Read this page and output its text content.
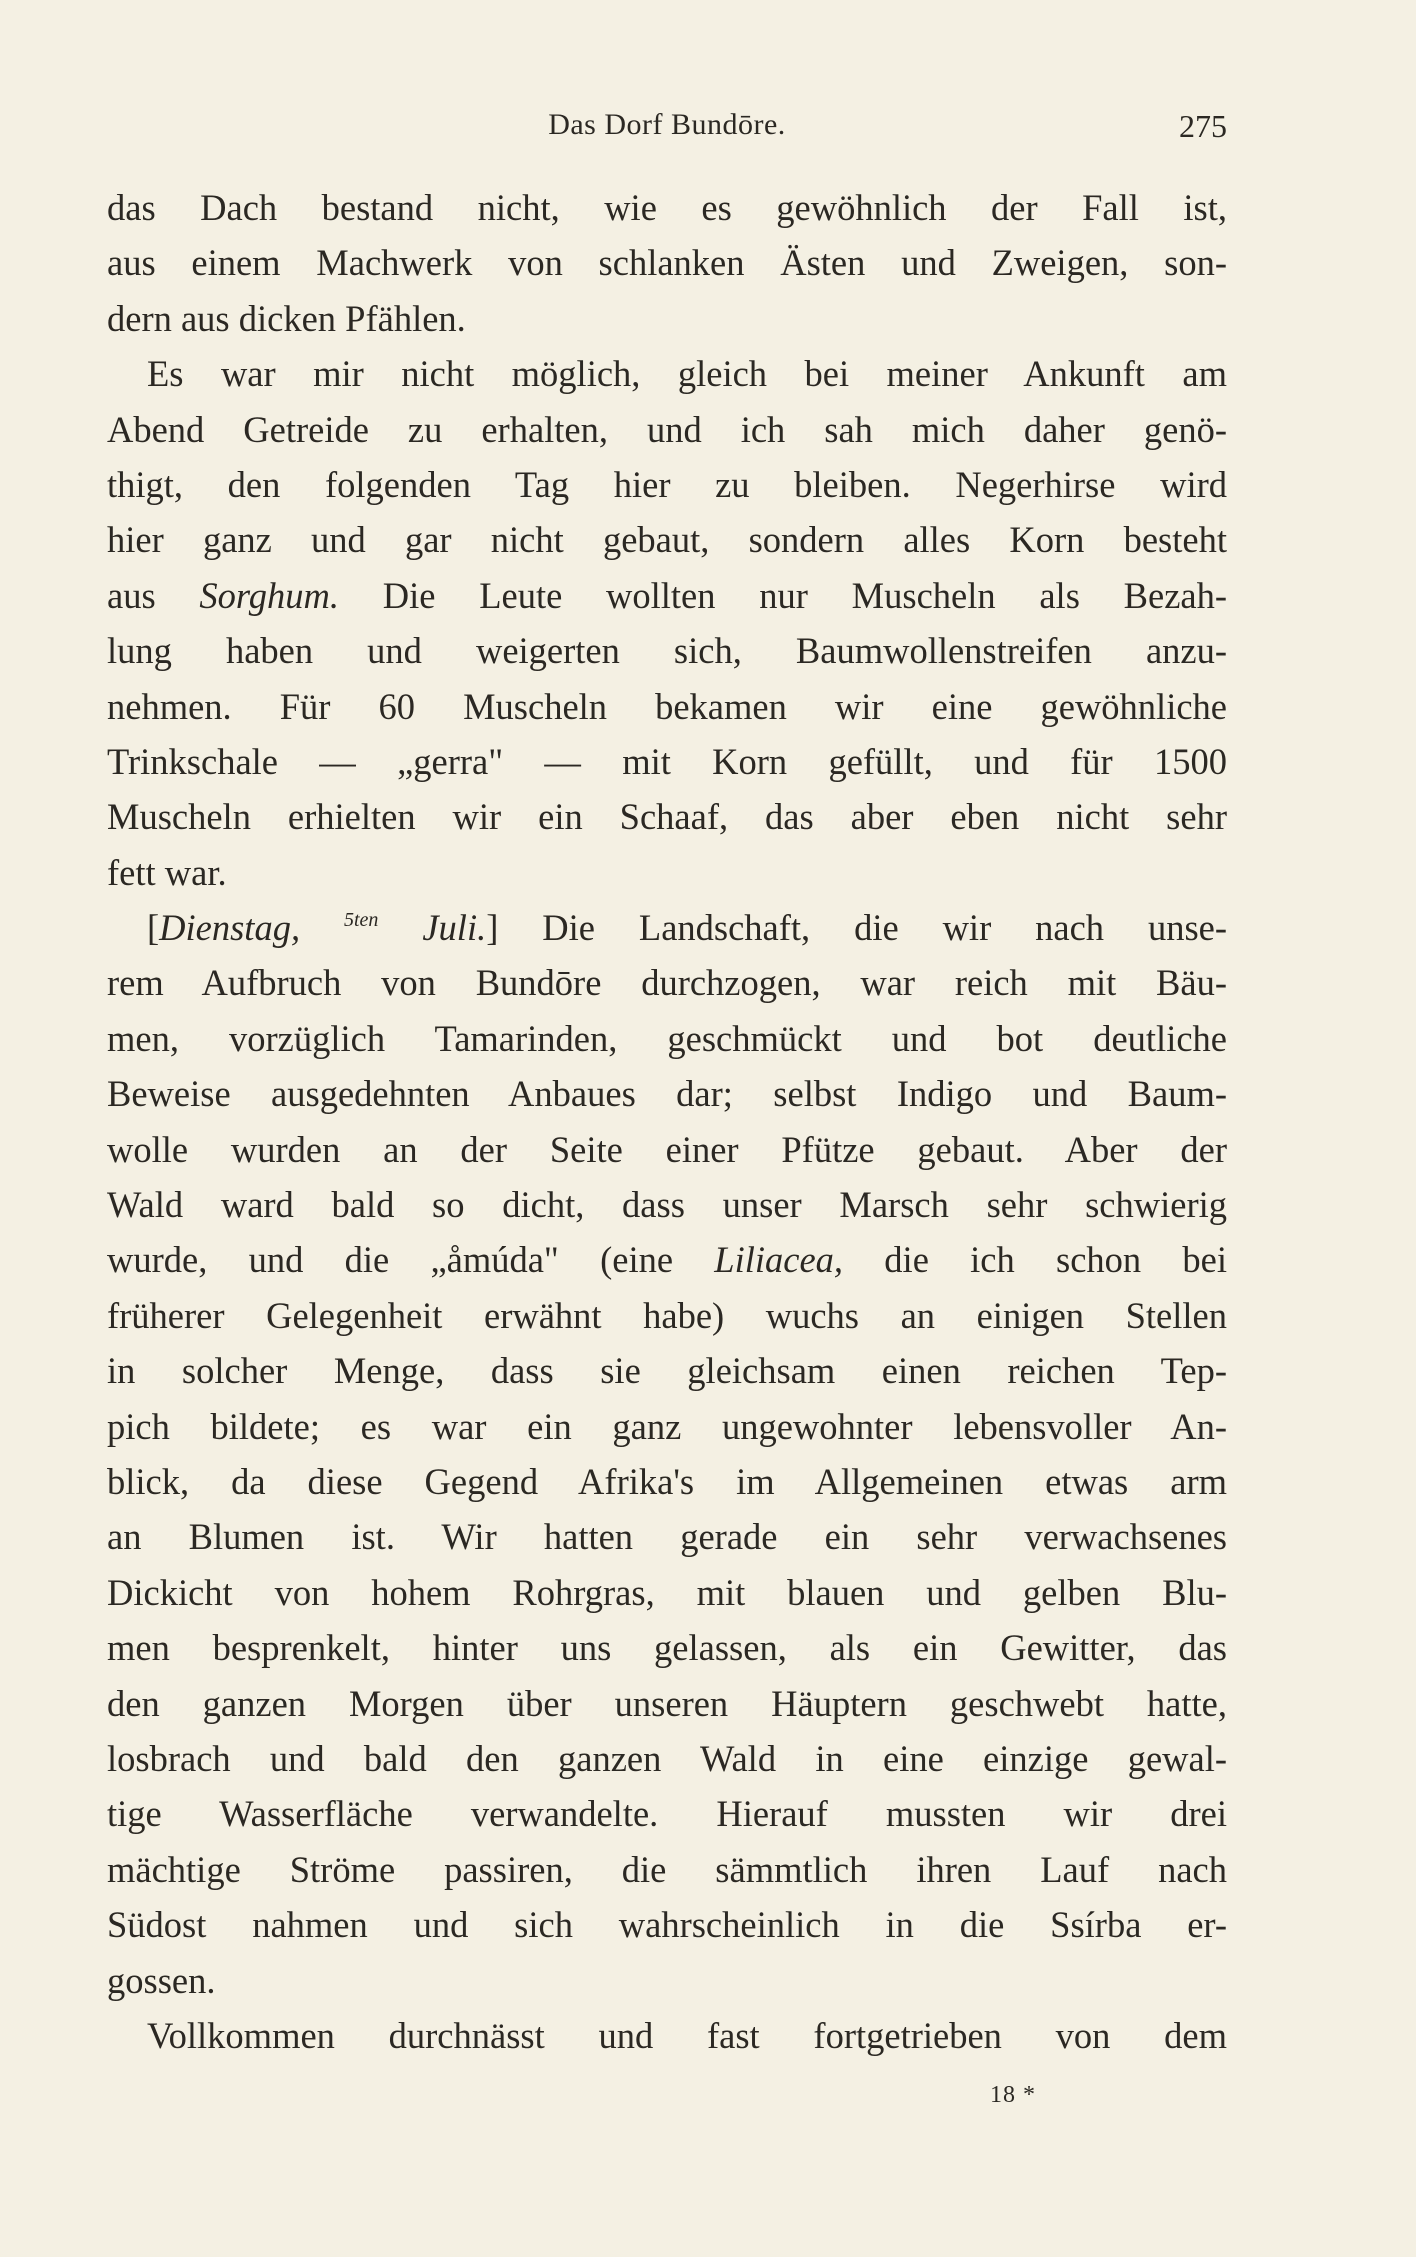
Das Dorf Bundōre.	275
das Dach bestand nicht, wie es gewöhnlich der Fall ist,
aus einem Machwerk von schlanken Ästen und Zweigen, son-
dern aus dicken Pfählen.
Es war mir nicht möglich, gleich bei meiner Ankunft am
Abend Getreide zu erhalten, und ich sah mich daher genö-
thigt, den folgenden Tag hier zu bleiben. Negerhirse wird
hier ganz und gar nicht gebaut, sondern alles Korn besteht
aus Sorghum. Die Leute wollten nur Muscheln als Bezah-
lung haben und weigerten sich, Baumwollenstreifen anzu-
nehmen. Für 60 Muscheln bekamen wir eine gewöhnliche
Trinkschale — „gerra" — mit Korn gefüllt, und für 1500
Muscheln erhielten wir ein Schaaf, das aber eben nicht sehr
fett war.
[Dienstag, $^{5ten}$ Juli.] Die Landschaft, die wir nach unse-
rem Aufbruch von Bundōre durchzogen, war reich mit Bäu-
men, vorzüglich Tamarinden, geschmückt und bot deutliche
Beweise ausgedehnten Anbaues dar; selbst Indigo und Baum-
wolle wurden an der Seite einer Pfütze gebaut. Aber der
Wald ward bald so dicht, dass unser Marsch sehr schwierig
wurde, und die „åmúda" (eine Liliacea, die ich schon bei
früherer Gelegenheit erwähnt habe) wuchs an einigen Stellen
in solcher Menge, dass sie gleichsam einen reichen Tep-
pich bildete; es war ein ganz ungewohnter lebensvoller An-
blick, da diese Gegend Afrika's im Allgemeinen etwas arm
an Blumen ist. Wir hatten gerade ein sehr verwachsenes
Dickicht von hohem Rohrgras, mit blauen und gelben Blu-
men besprenkelt, hinter uns gelassen, als ein Gewitter, das
den ganzen Morgen über unseren Häuptern geschwebt hatte,
losbrach und bald den ganzen Wald in eine einzige gewal-
tige Wasserfläche verwandelte. Hierauf mussten wir drei
mächtige Ströme passiren, die sämmtlich ihren Lauf nach
Südost nahmen und sich wahrscheinlich in die Ssírba er-
gossen.
Vollkommen durchnässt und fast fortgetrieben von dem
18 *
